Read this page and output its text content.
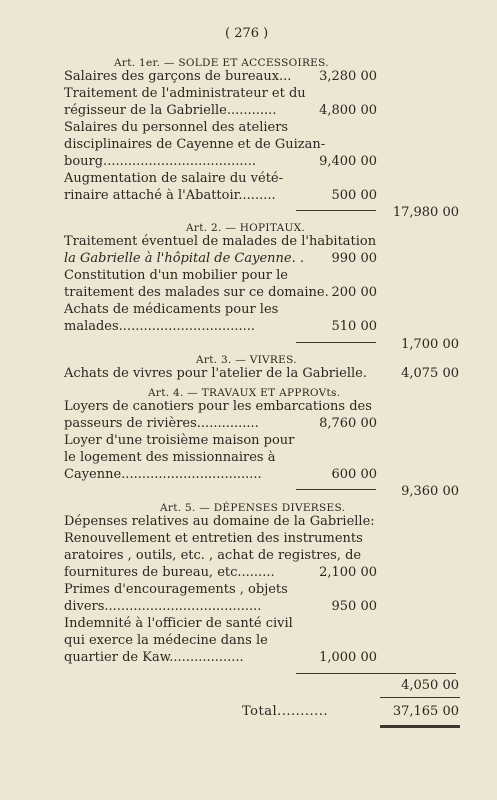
( 276 )
Art. 1er. — SOLDE ET ACCESSOIRES.
Salaires des garçons de bureaux... 3,280 00
Traitement de l'administrateur et du
régisseur de la Gabrielle............	4,800 00
Salaires du personnel des ateliers
disciplinaires de Cayenne et de Guizan-
bourg.....................................	9,400 00
Augmentation de salaire du vété-
rinaire attaché à l'Abattoir.........	500 00
17,980 00
Art. 2. — HOPITAUX.
Traitement éventuel de malades de l'habitation
la Gabrielle à l'hôpital de Cayenne. . 990 00
Constitution d'un mobilier pour le
traitement des malades sur ce domaine. 200 00
Achats de médicaments pour les
malades.................................	510 00
1,700 00
Art. 3. — VIVRES.
Achats de vivres pour l'atelier de la Gabrielle.	4,075 00
Art. 4. — TRAVAUX ET APPROVts.
Loyers de canotiers pour les embarcations des
passeurs de rivières...............	8,760 00
Loyer d'une troisième maison pour
le logement des missionnaires à
Cayenne..................................	600 00
9,360 00
Art. 5. — DÉPENSES DIVERSES.
Dépenses relatives au domaine de la Gabrielle:
Renouvellement et entretien des instruments
aratoires , outils, etc. , achat de registres, de
fournitures de bureau, etc.........	2,100 00
Primes d'encouragements , objets
divers......................................	950 00
Indemnité à l'officier de santé civil
qui exerce la médecine dans le
quartier de Kaw..................	1,000 00
4,050 00
Total...........	37,165 00
